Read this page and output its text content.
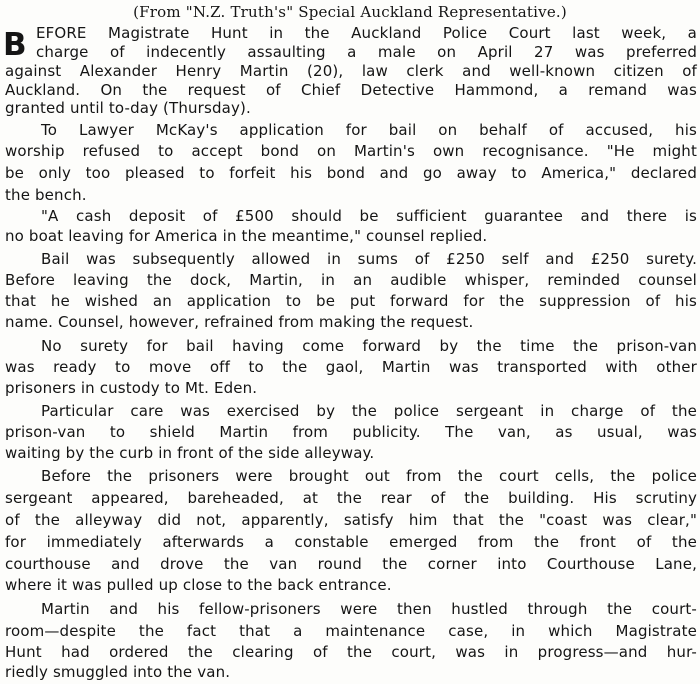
(From "N.Z. Truth's" Special Auckland Representative.)
B EFORE Magistrate Hunt in the Auckland Police Court last week, a
charge of indecently assaulting a male on April 27 was preferred
against Alexander Henry Martin (20), law clerk and well-known citizen of
Auckland. On the request of Chief Detective Hammond, a remand was
granted until to-day (Thursday).
To Lawyer McKay's application for bail on behalf of accused, his
worship refused to accept bond on Martin's own recognisance. "He might
be only too pleased to forfeit his bond and go away to America," declared
the bench.
"A cash deposit of £500 should be sufficient guarantee and there is
no boat leaving for America in the meantime," counsel replied.
Bail was subsequently allowed in sums of £250 self and £250 surety.
Before leaving the dock, Martin, in an audible whisper, reminded counsel
that he wished an application to be put forward for the suppression of his
name. Counsel, however, refrained from making the request.
No surety for bail having come forward by the time the prison-van
was ready to move off to the gaol, Martin was transported with other
prisoners in custody to Mt. Eden.
Particular care was exercised by the police sergeant in charge of the
prison-van to shield Martin from publicity. The van, as usual, was
waiting by the curb in front of the side alleyway.
Before the prisoners were brought out from the court cells, the police
sergeant appeared, bareheaded, at the rear of the building. His scrutiny
of the alleyway did not, apparently, satisfy him that the "coast was clear,"
for immediately afterwards a constable emerged from the front of the
courthouse and drove the van round the corner into Courthouse Lane,
where it was pulled up close to the back entrance.
Martin and his fellow-prisoners were then hustled through the court-
room—despite the fact that a maintenance case, in which Magistrate
Hunt had ordered the clearing of the court, was in progress—and hur-
riedly smuggled into the van.
